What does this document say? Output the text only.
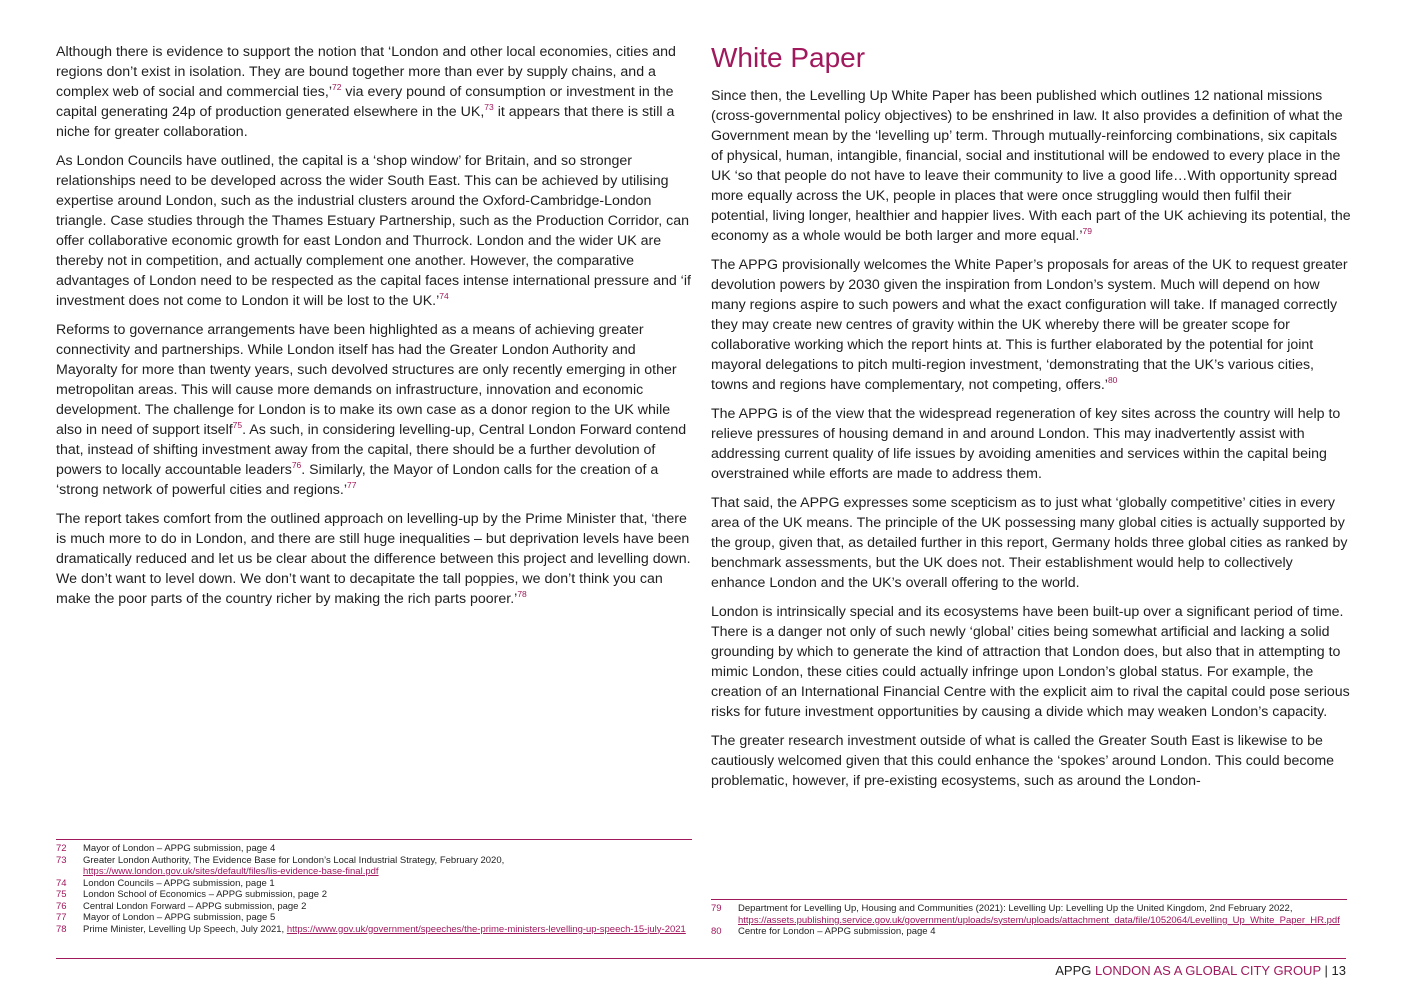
Although there is evidence to support the notion that ‘London and other local economies, cities and regions don’t exist in isolation. They are bound together more than ever by supply chains, and a complex web of social and commercial ties,’$^{72}$ via every pound of consumption or investment in the capital generating 24p of production generated elsewhere in the UK,$^{73}$ it appears that there is still a niche for greater collaboration.

As London Councils have outlined, the capital is a ‘shop window’ for Britain, and so stronger relationships need to be developed across the wider South East. This can be achieved by utilising expertise around London, such as the industrial clusters around the Oxford-Cambridge-London triangle. Case studies through the Thames Estuary Partnership, such as the Production Corridor, can offer collaborative economic growth for east London and Thurrock. London and the wider UK are thereby not in competition, and actually complement one another. However, the comparative advantages of London need to be respected as the capital faces intense international pressure and ‘if investment does not come to London it will be lost to the UK.’$^{74}$

Reforms to governance arrangements have been highlighted as a means of achieving greater connectivity and partnerships. While London itself has had the Greater London Authority and Mayoralty for more than twenty years, such devolved structures are only recently emerging in other metropolitan areas. This will cause more demands on infrastructure, innovation and economic development. The challenge for London is to make its own case as a donor region to the UK while also in need of support itself$^{75}$. As such, in considering levelling-up, Central London Forward contend that, instead of shifting investment away from the capital, there should be a further devolution of powers to locally accountable leaders$^{76}$. Similarly, the Mayor of London calls for the creation of a ‘strong network of powerful cities and regions.’$^{77}$

The report takes comfort from the outlined approach on levelling-up by the Prime Minister that, ‘there is much more to do in London, and there are still huge inequalities – but deprivation levels have been dramatically reduced and let us be clear about the difference between this project and levelling down. We don’t want to level down. We don’t want to decapitate the tall poppies, we don’t think you can make the poor parts of the country richer by making the rich parts poorer.’$^{78}$

White Paper

Since then, the Levelling Up White Paper has been published which outlines 12 national missions (cross-governmental policy objectives) to be enshrined in law. It also provides a definition of what the Government mean by the ‘levelling up’ term. Through mutually-reinforcing combinations, six capitals of physical, human, intangible, financial, social and institutional will be endowed to every place in the UK ‘so that people do not have to leave their community to live a good life…With opportunity spread more equally across the UK, people in places that were once struggling would then fulfil their potential, living longer, healthier and happier lives. With each part of the UK achieving its potential, the economy as a whole would be both larger and more equal.’$^{79}$

The APPG provisionally welcomes the White Paper’s proposals for areas of the UK to request greater devolution powers by 2030 given the inspiration from London’s system. Much will depend on how many regions aspire to such powers and what the exact configuration will take. If managed correctly they may create new centres of gravity within the UK whereby there will be greater scope for collaborative working which the report hints at. This is further elaborated by the potential for joint mayoral delegations to pitch multi-region investment, ‘demonstrating that the UK’s various cities, towns and regions have complementary, not competing, offers.’$^{80}$

The APPG is of the view that the widespread regeneration of key sites across the country will help to relieve pressures of housing demand in and around London. This may inadvertently assist with addressing current quality of life issues by avoiding amenities and services within the capital being overstrained while efforts are made to address them.

That said, the APPG expresses some scepticism as to just what ‘globally competitive’ cities in every area of the UK means. The principle of the UK possessing many global cities is actually supported by the group, given that, as detailed further in this report, Germany holds three global cities as ranked by benchmark assessments, but the UK does not. Their establishment would help to collectively enhance London and the UK’s overall offering to the world.

London is intrinsically special and its ecosystems have been built-up over a significant period of time. There is a danger not only of such newly ‘global’ cities being somewhat artificial and lacking a solid grounding by which to generate the kind of attraction that London does, but also that in attempting to mimic London, these cities could actually infringe upon London’s global status. For example, the creation of an International Financial Centre with the explicit aim to rival the capital could pose serious risks for future investment opportunities by causing a divide which may weaken London’s capacity.

The greater research investment outside of what is called the Greater South East is likewise to be cautiously welcomed given that this could enhance the ‘spokes’ around London. This could become problematic, however, if pre-existing ecosystems, such as around the London-

72	Mayor of London – APPG submission, page 4
73	Greater London Authority, The Evidence Base for London’s Local Industrial Strategy, February 2020, https://www.london.gov.uk/sites/default/files/lis-evidence-base-final.pdf
74	London Councils – APPG submission, page 1
75	London School of Economics – APPG submission, page 2
76	Central London Forward – APPG submission, page 2
77	Mayor of London – APPG submission, page 5
78	Prime Minister, Levelling Up Speech, July 2021, https://www.gov.uk/government/speeches/the-prime-ministers-levelling-up-speech-15-july-2021
79	Department for Levelling Up, Housing and Communities (2021): Levelling Up: Levelling Up the United Kingdom, 2nd February 2022, https://assets.publishing.service.gov.uk/government/uploads/system/uploads/attachment_data/file/1052064/Levelling_Up_White_Paper_HR.pdf
80	Centre for London – APPG submission, page 4
APPG LONDON AS A GLOBAL CITY GROUP | 13
